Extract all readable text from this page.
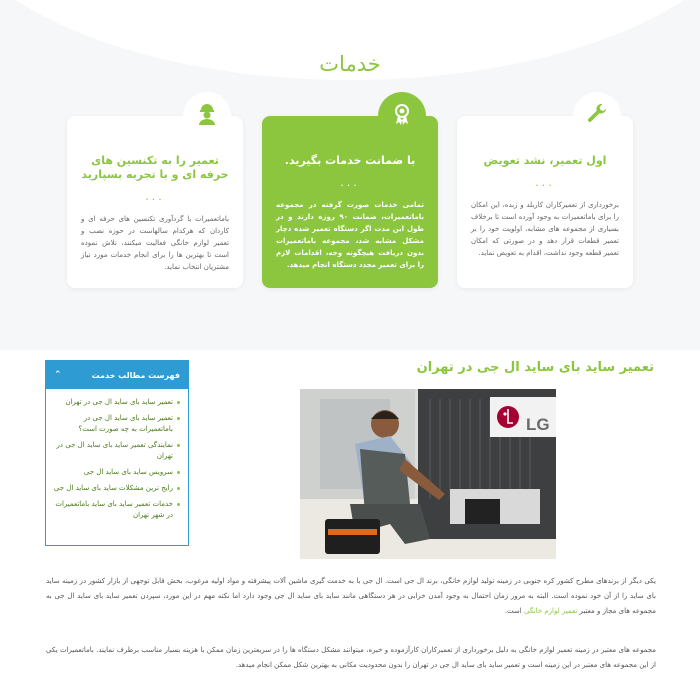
خدمات
اول تعمیر، نشد تعویض
...

برخورداری از تعمیرکاران کاربلد و زبده، این امکان را برای باماتعمیرات به وجود آورده است تا برخلاف بسیاری از مجموعه های مشابه، اولویت خود را بر تعمیر قطعات قرار دهد و در صورتی که امکان تعمیر قطعه وجود نداشت، اقدام به تعویض نماید.

با ضمانت خدمات بگیرید.
...

تمامی خدمات صورت گرفته در مجموعه باماتعمیرات، ضمانت ۹۰ روزه دارند و در طول این مدت اگر دستگاه تعمیر شده دچار مشکل مشابه شد، مجموعه باماتعمیرات بدون دریافت هیچگونه وجه، اقدامات لازم را برای تعمیر مجدد دستگاه انجام میدهد.

تعمیر را به تکنسین های حرفه ای و با تجربه بسپارید
...

باماتعمیرات با گردآوری تکنسین های حرفه ای و کاردان که هرکدام سالهاست در حوزه نصب و تعمیر لوازم خانگی فعالیت میکنند، تلاش نموده است تا بهترین ها را برای انجام خدمات مورد نیاز مشتریان انتخاب نماید.

فهرست مطالب خدمت
⌃
تعمیر ساید بای ساید ال جی در تهران
تعمیر ساید بای ساید ال جی در باماتعمیرات به چه صورت است؟
نمایندگی تعمیر ساید بای ساید ال جی در تهران
سرویس ساید بای ساید ال جی
رایج ترین مشکلات ساید بای ساید ال جی
خدمات تعمیر ساید بای ساید باماتعمیرات در شهر تهران
تعمیر ساید بای ساید ال جی در تهران
LG

یکی دیگر از برندهای مطرح کشور کره جنوبی در زمینه تولید لوازم خانگی، برند ال جی است. ال جی با به خدمت گیری ماشین آلات پیشرفته و مواد اولیه مرغوب، بخش قابل توجهی از بازار کشور در زمینه ساید بای ساید را از آن خود نموده است. البته به مرور زمان احتمال به وجود آمدن خرابی در هر دستگاهی مانند ساید بای ساید ال جی وجود دارد اما نکته مهم در این مورد، سپردن تعمیر ساید بای ساید ال جی به مجموعه های مجاز و معتبر تعمیر لوازم خانگی است.

مجموعه های معتبر در زمینه تعمیر لوازم خانگی به دلیل برخورداری از تعمیرکاران کارآزموده و خبره، میتوانند مشکل دستگاه ها را در سریعترین زمان ممکن با هزینه بسیار مناسب برطرف نمایند. باماتعمیرات یکی از این مجموعه های معتبر در این زمینه است و تعمیر ساید بای ساید ال جی در تهران را بدون محدودیت مکانی به بهترین شکل ممکن انجام میدهد.
